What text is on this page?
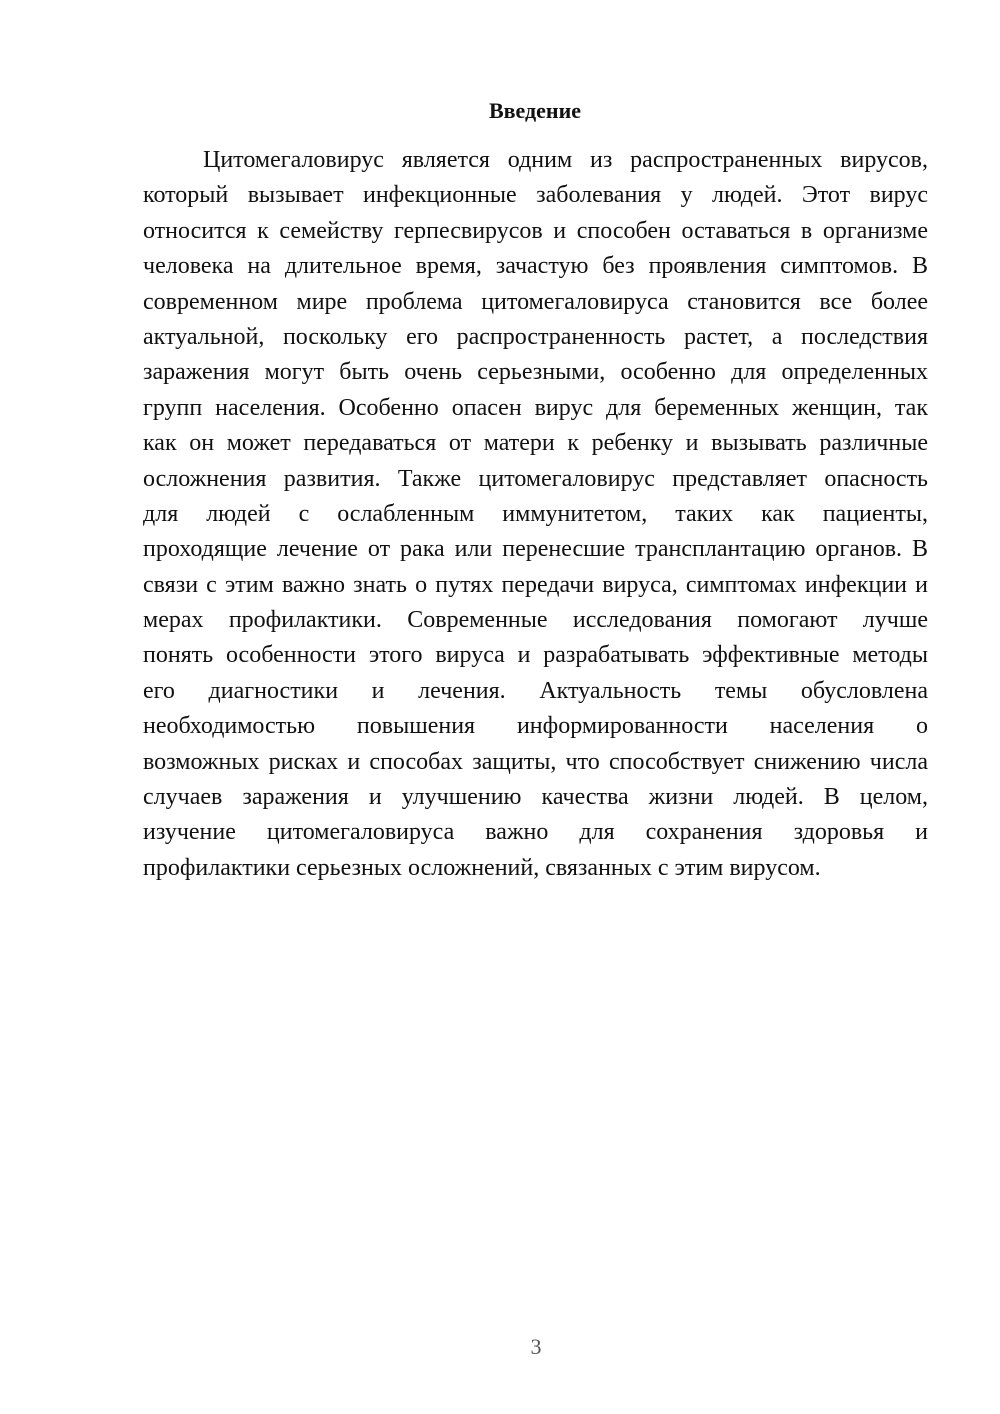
Введение
Цитомегаловирус является одним из распространенных вирусов,
который вызывает инфекционные заболевания у людей. Этот вирус
относится к семейству герпесвирусов и способен оставаться в организме
человека на длительное время, зачастую без проявления симптомов. В
современном мире проблема цитомегаловируса становится все более
актуальной, поскольку его распространенность растет, а последствия
заражения могут быть очень серьезными, особенно для определенных
групп населения. Особенно опасен вирус для беременных женщин, так
как он может передаваться от матери к ребенку и вызывать различные
осложнения развития. Также цитомегаловирус представляет опасность
для людей с ослабленным иммунитетом, таких как пациенты,
проходящие лечение от рака или перенесшие трансплантацию органов. В
связи с этим важно знать о путях передачи вируса, симптомах инфекции и
мерах профилактики. Современные исследования помогают лучше
понять особенности этого вируса и разрабатывать эффективные методы
его диагностики и лечения. Актуальность темы обусловлена
необходимостью повышения информированности населения о
возможных рисках и способах защиты, что способствует снижению числа
случаев заражения и улучшению качества жизни людей. В целом,
изучение цитомегаловируса важно для сохранения здоровья и
профилактики серьезных осложнений, связанных с этим вирусом.
3
